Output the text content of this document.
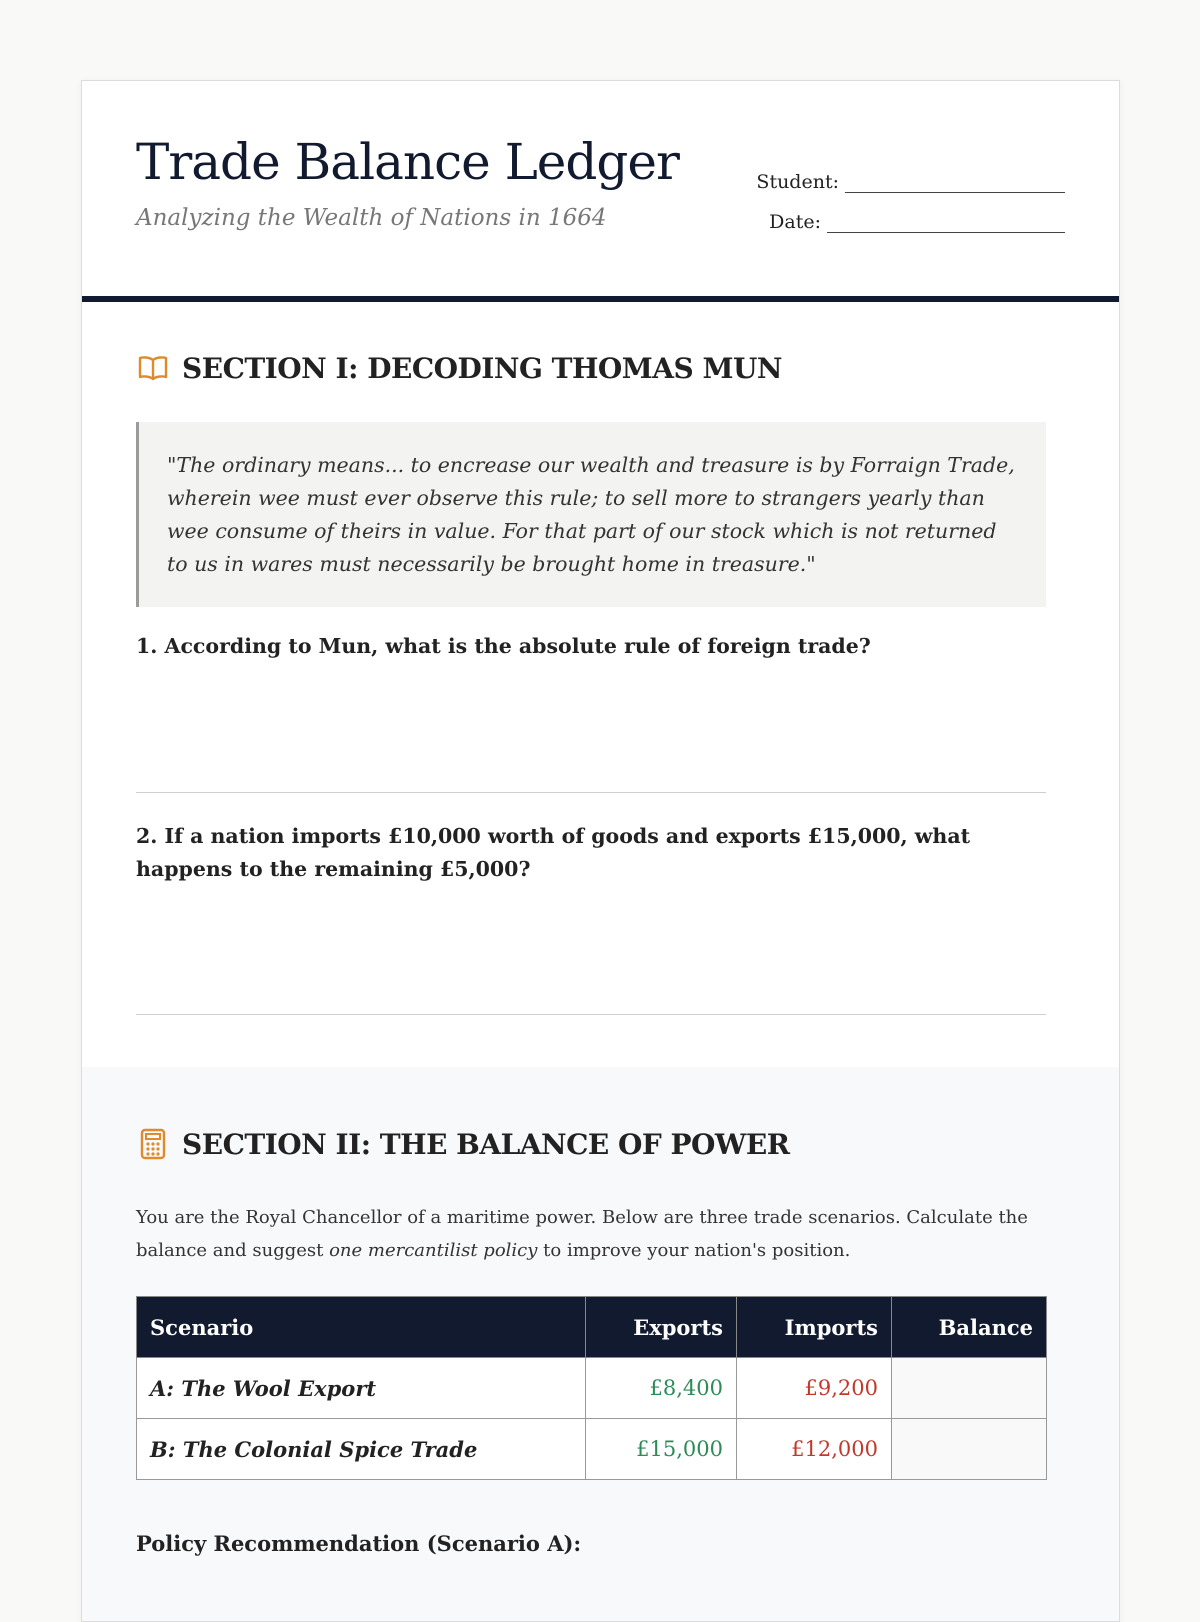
Trade Balance Ledger
Analyzing the Wealth of Nations in 1664
Student:
Date:
SECTION I: DECODING THOMAS MUN
"The ordinary means... to encrease our wealth and treasure is by Forraign Trade, wherein wee must ever observe this rule; to sell more to strangers yearly than wee consume of theirs in value. For that part of our stock which is not returned to us in wares must necessarily be brought home in treasure."
1. According to Mun, what is the absolute rule of foreign trade?
2. If a nation imports £10,000 worth of goods and exports £15,000, what happens to the remaining £5,000?
SECTION II: THE BALANCE OF POWER
You are the Royal Chancellor of a maritime power. Below are three trade scenarios. Calculate the balance and suggest one mercantilist policy to improve your nation's position.
Scenario	Exports	Imports	Balance
A: The Wool Export	£8,400	£9,200	
B: The Colonial Spice Trade	£15,000	£12,000	
Policy Recommendation (Scenario A):
